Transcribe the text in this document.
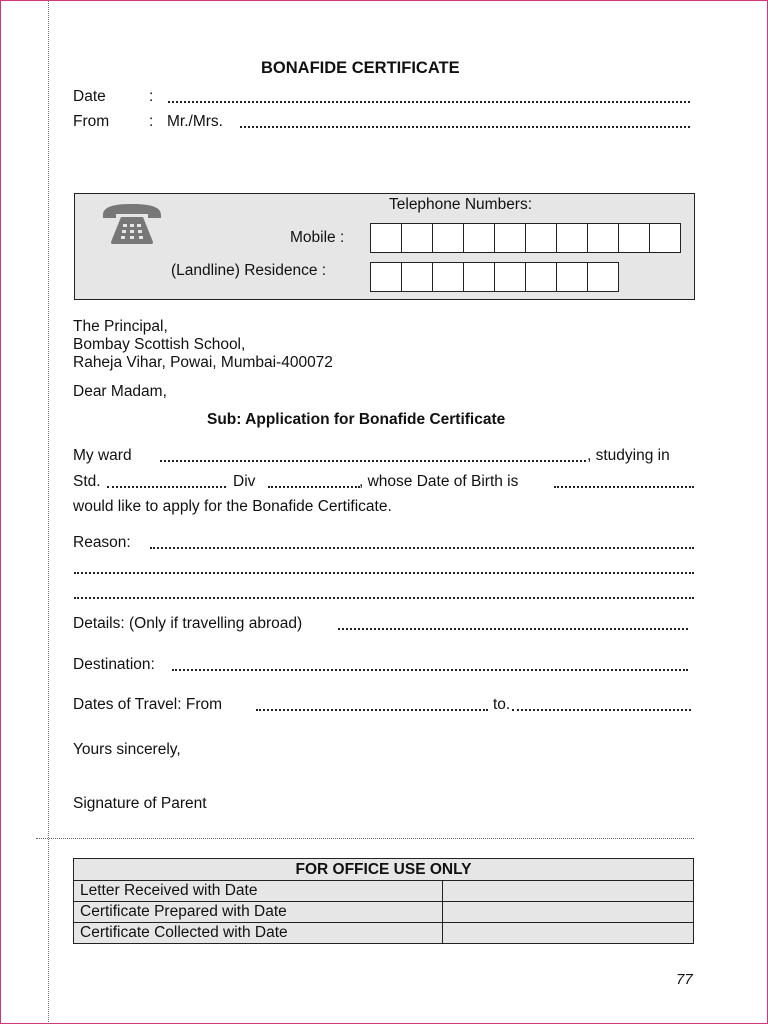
BONAFIDE CERTIFICATE
Date	:
From	: Mr./Mrs.
Telephone Numbers:
Mobile :
(Landline) Residence :
The Principal,
Bombay Scottish School,
Raheja Vihar, Powai, Mumbai-400072
Dear Madam,
Sub: Application for Bonafide Certificate
My ward	, studying in
Std.	Div	, whose Date of Birth is
would like to apply for the Bonafide Certificate.
Reason:
Details: (Only if travelling abroad)
Destination:
Dates of Travel: From	to.
Yours sincerely,
Signature of Parent
FOR OFFICE USE ONLY	
Letter Received with Date	
Certificate Prepared with Date	
Certificate Collected with Date	
77
